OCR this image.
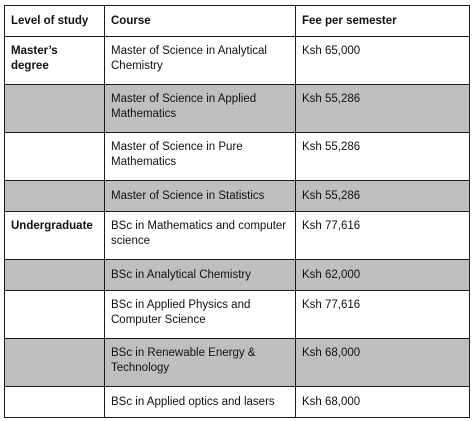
Level of study	Course	Fee per semester
Master’s degree	Master of Science in Analytical Chemistry	Ksh 65,000
	Master of Science in Applied Mathematics	Ksh 55,286
	Master of Science in Pure Mathematics	Ksh 55,286
	Master of Science in Statistics	Ksh 55,286
Undergraduate	BSc in Mathematics and computer science	Ksh 77,616
	BSc in Analytical Chemistry	Ksh 62,000
	BSc in Applied Physics and Computer Science	Ksh 77,616
	BSc in Renewable Energy & Technology	Ksh 68,000
	BSc in Applied optics and lasers	Ksh 68,000
